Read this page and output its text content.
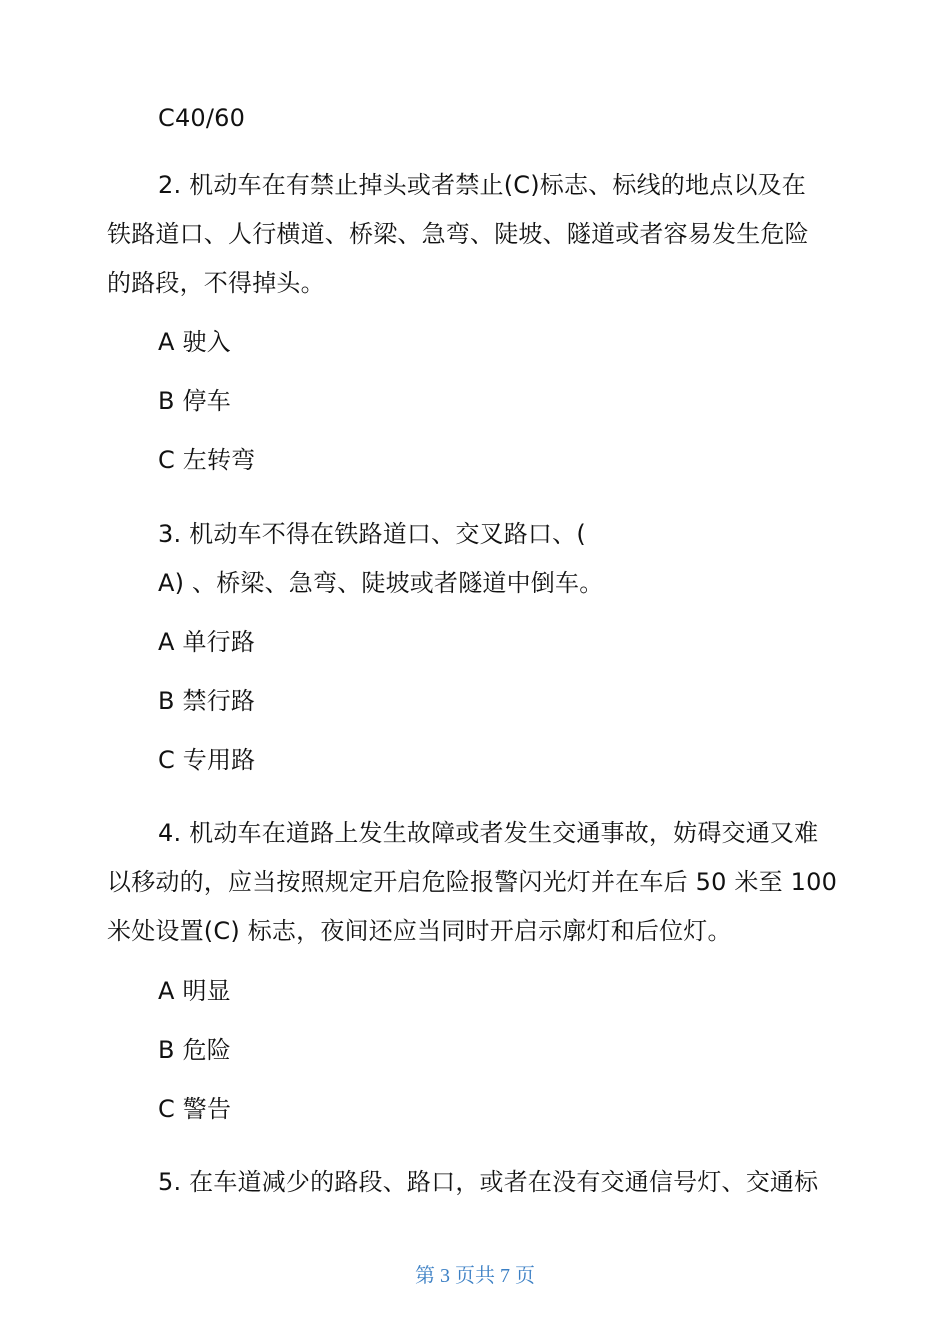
C40/60
2. 机动车在有禁止掉头或者禁止(C)标志、标线的地点以及在
铁路道口、人行横道、桥梁、急弯、陡坡、隧道或者容易发生危险
的路段，不得掉头。
A 驶入
B 停车
C 左转弯
3. 机动车不得在铁路道口、交叉路口、(
A) 、桥梁、急弯、陡坡或者隧道中倒车。
A 单行路
B 禁行路
C 专用路
4. 机动车在道路上发生故障或者发生交通事故，妨碍交通又难
以移动的，应当按照规定开启危险报警闪光灯并在车后 50 米至 100
米处设置(C) 标志，夜间还应当同时开启示廓灯和后位灯。
A 明显
B 危险
C 警告
5. 在车道减少的路段、路口，或者在没有交通信号灯、交通标
第 3 页共 7 页
